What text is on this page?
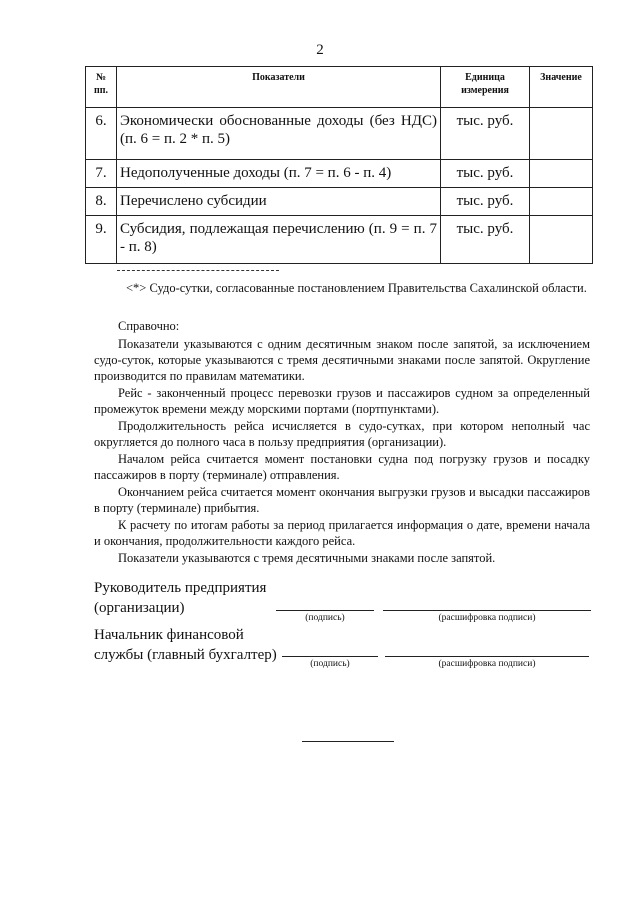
2
№ пп.	Показатели	Единица измерения	Значение
6.	Экономически обоснованные доходы (без НДС) (п. 6 = п. 2 * п. 5)	тыс. руб.	
7.	Недополученные доходы (п. 7 = п. 6 - п. 4)	тыс. руб.	
8.	Перечислено субсидии	тыс. руб.	
9.	Субсидия, подлежащая перечислению (п. 9 = п. 7 - п. 8)	тыс. руб.	
<*> Судо-сутки, согласованные постановлением Правительства Сахалинской области.

Справочно:

Показатели указываются с одним десятичным знаком после запятой, за исключением судо-суток, которые указываются с тремя десятичными знаками после запятой. Округление производится по правилам математики.

Рейс - законченный процесс перевозки грузов и пассажиров судном за определенный промежуток времени между морскими портами (портпунктами).

Продолжительность рейса исчисляется в судо-сутках, при котором неполный час округляется до полного часа в пользу предприятия (организации).

Началом рейса считается момент постановки судна под погрузку грузов и посадку пассажиров в порту (терминале) отправления.

Окончанием рейса считается момент окончания выгрузки грузов и высадки пассажиров в порту (терминале) прибытия.

К расчету по итогам работы за период прилагается информация о дате, времени начала и окончания, продолжительности каждого рейса.

Показатели указываются с тремя десятичными знаками после запятой.

Руководитель предприятия
(организации)
(подпись)	(расшифровка подписи)
Начальник финансовой
службы (главный бухгалтер)
(подпись)	(расшифровка подписи)
